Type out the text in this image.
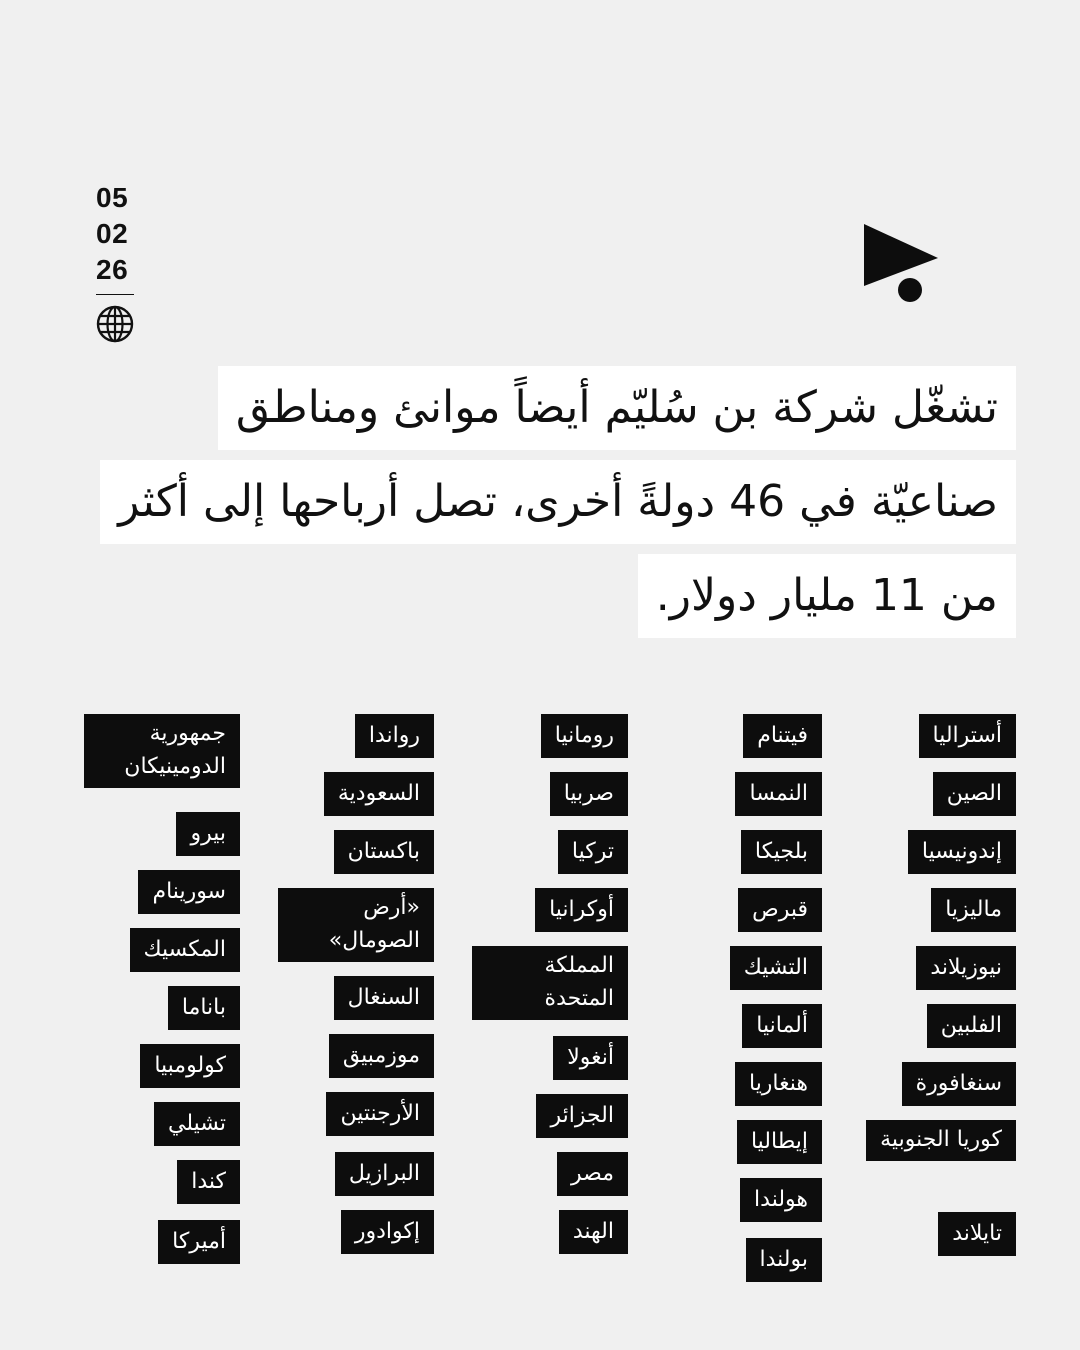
05
02
26
تشغّل شركة بن سُليّم أيضاً موانئ ومناطق
صناعيّة في 46 دولةً أخرى، تصل أرباحها إلى أكثر
من 11 مليار دولار.
أستراليا
الصين
إندونيسيا
ماليزيا
نيوزيلاند
الفلبين
سنغافورة
كوريا الجنوبية
تايلاند
فيتنام
النمسا
بلجيكا
قبرص
التشيك
ألمانيا
هنغاريا
إيطاليا
هولندا
بولندا
رومانيا
صربيا
تركيا
أوكرانيا
المملكة المتحدة
أنغولا
الجزائر
مصر
الهند
رواندا
السعودية
باكستان
«أرض الصومال»
السنغال
موزمبيق
الأرجنتين
البرازيل
إكوادور
جمهورية الدومينيكان
بيرو
سورينام
المكسيك
باناما
كولومبيا
تشيلي
كندا
أميركا
